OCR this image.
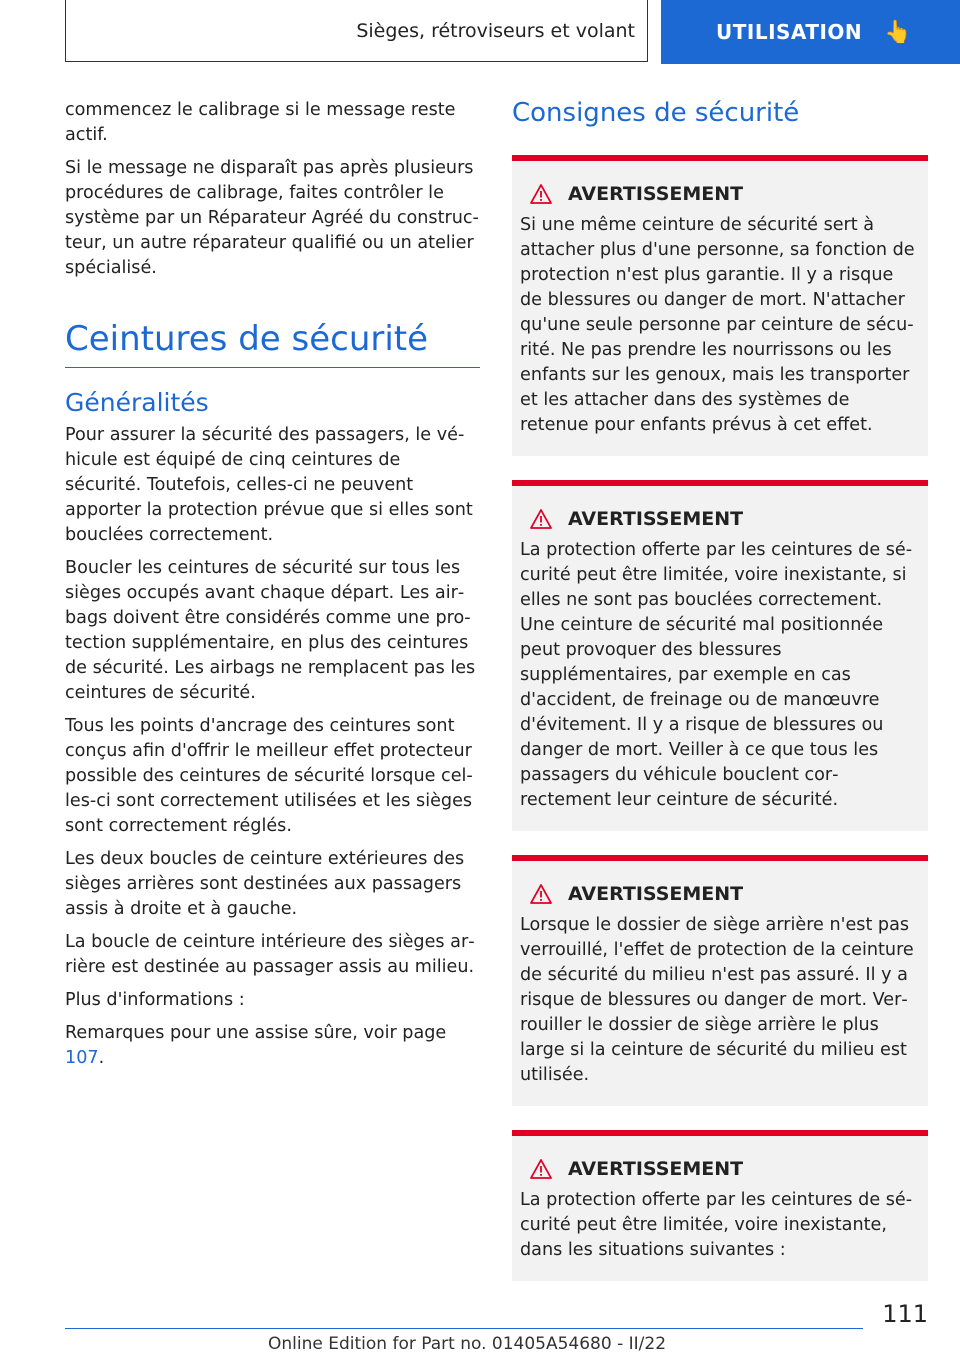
Sièges, rétroviseurs et volant	UTILISATION 👆

commencez le calibrage si le message reste actif.

Si le message ne disparaît pas après plusieurs procédures de calibrage, faites contrôler le système par un Réparateur Agréé du constructeur, un autre réparateur qualifié ou un atelier spécialisé.

Ceintures de sécurité
Généralités

Pour assurer la sécurité des passagers, le véhicule est équipé de cinq ceintures de sécurité. Toutefois, celles-ci ne peuvent apporter la protection prévue que si elles sont bouclées correctement.

Boucler les ceintures de sécurité sur tous les sièges occupés avant chaque départ. Les airbags doivent être considérés comme une protection supplémentaire, en plus des ceintures de sécurité. Les airbags ne remplacent pas les ceintures de sécurité.

Tous les points d'ancrage des ceintures sont conçus afin d'offrir le meilleur effet protecteur possible des ceintures de sécurité lorsque celles-ci sont correctement utilisées et les sièges sont correctement réglés.

Les deux boucles de ceinture extérieures des sièges arrières sont destinées aux passagers assis à droite et à gauche.

La boucle de ceinture intérieure des sièges arrière est destinée au passager assis au milieu.

Plus d'informations :

Remarques pour une assise sûre, voir page 107.

Consignes de sécurité
AVERTISSEMENT

Si une même ceinture de sécurité sert à attacher plus d'une personne, sa fonction de protection n'est plus garantie. Il y a risque de blessures ou danger de mort. N'attacher qu'une seule personne par ceinture de sécurité. Ne pas prendre les nourrissons ou les enfants sur les genoux, mais les transporter et les attacher dans des systèmes de retenue pour enfants prévus à cet effet.

AVERTISSEMENT

La protection offerte par les ceintures de sécurité peut être limitée, voire inexistante, si elles ne sont pas bouclées correctement. Une ceinture de sécurité mal positionnée peut provoquer des blessures supplémentaires, par exemple en cas d'accident, de freinage ou de manœuvre d'évitement. Il y a risque de blessures ou danger de mort. Veiller à ce que tous les passagers du véhicule bouclent correctement leur ceinture de sécurité.

AVERTISSEMENT

Lorsque le dossier de siège arrière n'est pas verrouillé, l'effet de protection de la ceinture de sécurité du milieu n'est pas assuré. Il y a risque de blessures ou danger de mort. Verrouiller le dossier de siège arrière le plus large si la ceinture de sécurité du milieu est utilisée.

AVERTISSEMENT

La protection offerte par les ceintures de sécurité peut être limitée, voire inexistante, dans les situations suivantes :

111
Online Edition for Part no. 01405A54680 - II/22
